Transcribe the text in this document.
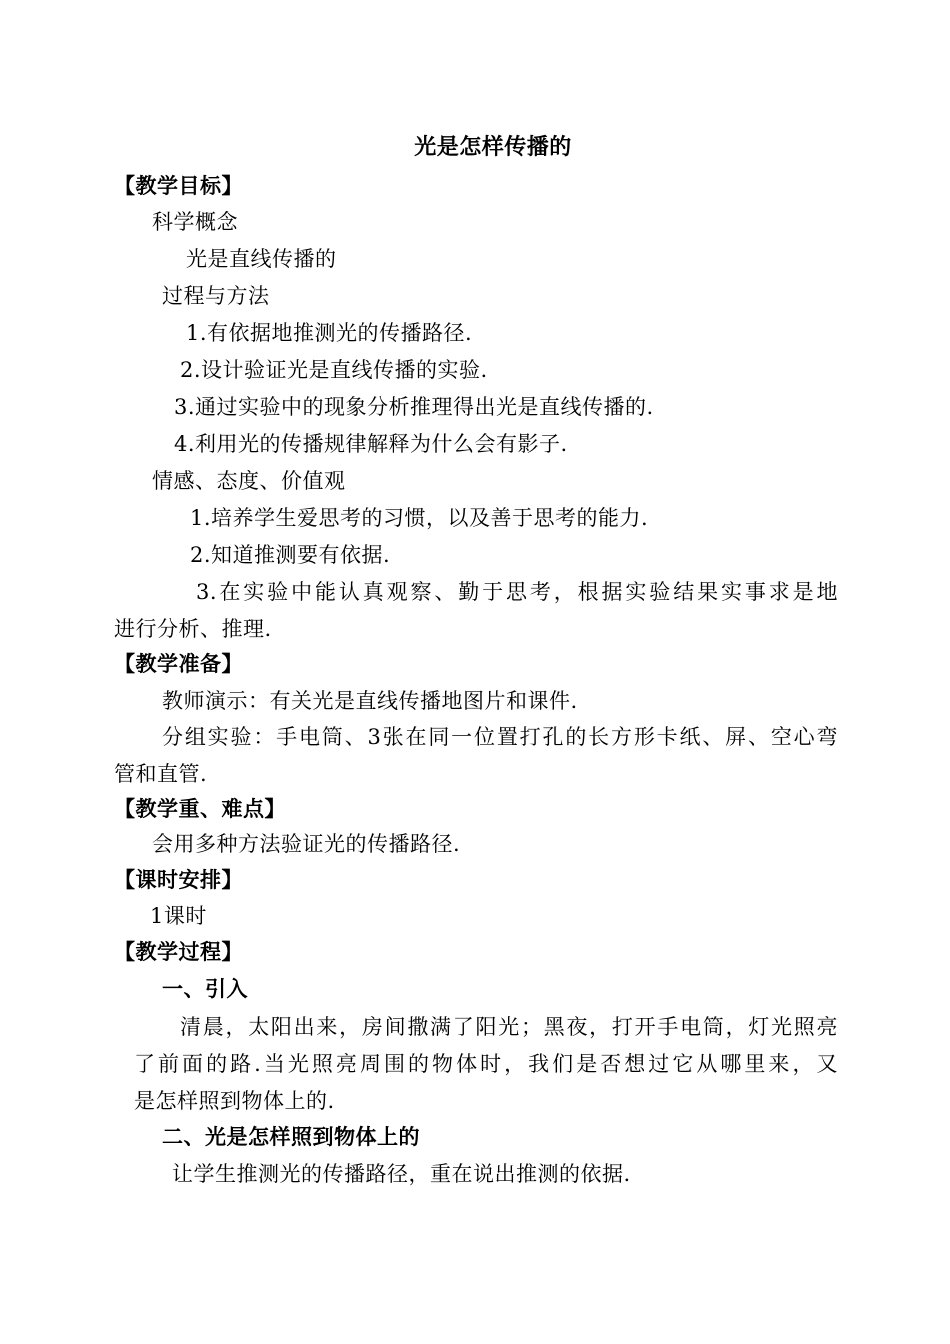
光是怎样传播的
【教学目标】
科学概念
光是直线传播的
过程与方法
1.有依据地推测光的传播路径.
2.设计验证光是直线传播的实验.
3.通过实验中的现象分析推理得出光是直线传播的.
4.利用光的传播规律解释为什么会有影子.
情感、态度、价值观
1.培养学生爱思考的习惯，以及善于思考的能力.
2.知道推测要有依据.
3.在实验中能认真观察、勤于思考，根据实验结果实事求是地
进行分析、推理.
【教学准备】
教师演示：有关光是直线传播地图片和课件.
分组实验：手电筒、3张在同一位置打孔的长方形卡纸、屏、空心弯
管和直管.
【教学重、难点】
会用多种方法验证光的传播路径.
【课时安排】
1课时
【教学过程】
一、引入
清晨，太阳出来，房间撒满了阳光；黑夜，打开手电筒，灯光照亮
了前面的路.当光照亮周围的物体时，我们是否想过它从哪里来，又
是怎样照到物体上的.
二、光是怎样照到物体上的
让学生推测光的传播路径，重在说出推测的依据.
